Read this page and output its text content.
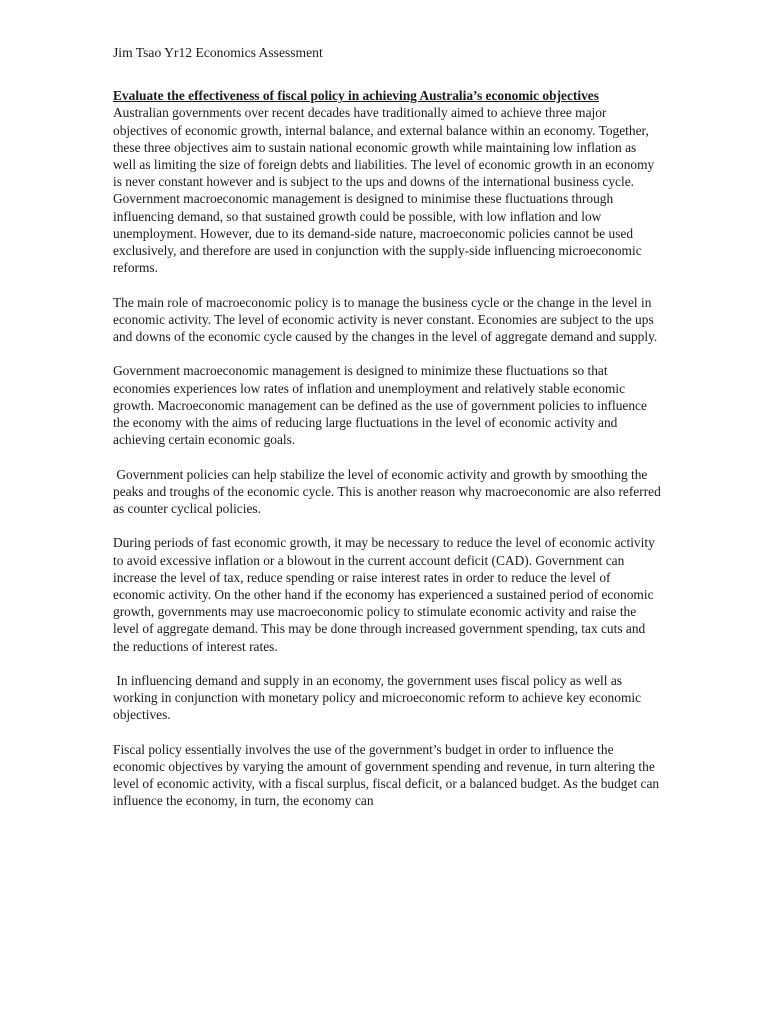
Jim Tsao Yr12 Economics Assessment

Evaluate the effectiveness of fiscal policy in achieving Australia’s economic objectives

Australian governments over recent decades have traditionally aimed to achieve three major objectives of economic growth, internal balance, and external balance within an economy. Together, these three objectives aim to sustain national economic growth while maintaining low inflation as well as limiting the size of foreign debts and liabilities. The level of economic growth in an economy is never constant however and is subject to the ups and downs of the international business cycle. Government macroeconomic management is designed to minimise these fluctuations through influencing demand, so that sustained growth could be possible, with low inflation and low unemployment. However, due to its demand-side nature, macroeconomic policies cannot be used exclusively, and therefore are used in conjunction with the supply-side influencing microeconomic reforms.

The main role of macroeconomic policy is to manage the business cycle or the change in the level in economic activity. The level of economic activity is never constant. Economies are subject to the ups and downs of the economic cycle caused by the changes in the level of aggregate demand and supply.

Government macroeconomic management is designed to minimize these fluctuations so that economies experiences low rates of inflation and unemployment and relatively stable economic growth. Macroeconomic management can be defined as the use of government policies to influence the economy with the aims of reducing large fluctuations in the level of economic activity and achieving certain economic goals.

Government policies can help stabilize the level of economic activity and growth by smoothing the peaks and troughs of the economic cycle. This is another reason why macroeconomic are also referred as counter cyclical policies.

During periods of fast economic growth, it may be necessary to reduce the level of economic activity to avoid excessive inflation or a blowout in the current account deficit (CAD). Government can increase the level of tax, reduce spending or raise interest rates in order to reduce the level of economic activity. On the other hand if the economy has experienced a sustained period of economic growth, governments may use macroeconomic policy to stimulate economic activity and raise the level of aggregate demand. This may be done through increased government spending, tax cuts and the reductions of interest rates.

In influencing demand and supply in an economy, the government uses fiscal policy as well as working in conjunction with monetary policy and microeconomic reform to achieve key economic objectives.

Fiscal policy essentially involves the use of the government’s budget in order to influence the economic objectives by varying the amount of government spending and revenue, in turn altering the level of economic activity, with a fiscal surplus, fiscal deficit, or a balanced budget. As the budget can influence the economy, in turn, the economy can
